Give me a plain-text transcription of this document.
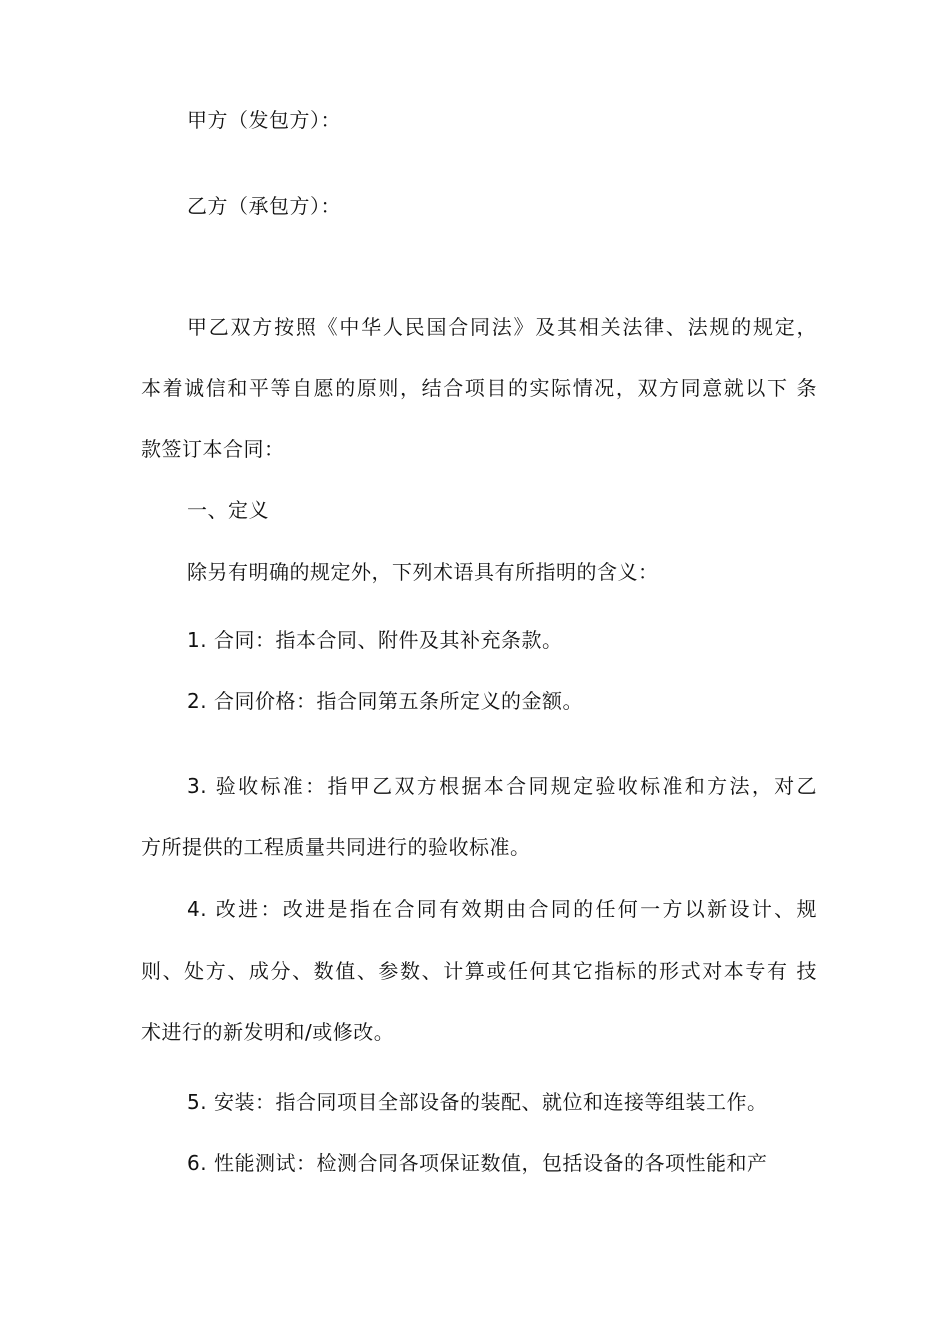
甲方（发包方）：
乙方（承包方）：
甲乙双方按照《中华人民国合同法》及其相关法律、法规的规定，
本着诚信和平等自愿的原则，结合项目的实际情况，双方同意就以下 条
款签订本合同：
一、定义
除另有明确的规定外，下列术语具有所指明的含义：
1. 合同：指本合同、附件及其补充条款。
2. 合同价格：指合同第五条所定义的金额。
3. 验收标准：指甲乙双方根据本合同规定验收标准和方法，对乙
方所提供的工程质量共同进行的验收标准。
4. 改进：改进是指在合同有效期由合同的任何一方以新设计、规
则、处方、成分、数值、参数、计算或任何其它指标的形式对本专有 技
术进行的新发明和/或修改。
5. 安装：指合同项目全部设备的装配、就位和连接等组装工作。
6. 性能测试：检测合同各项保证数值，包括设备的各项性能和产
